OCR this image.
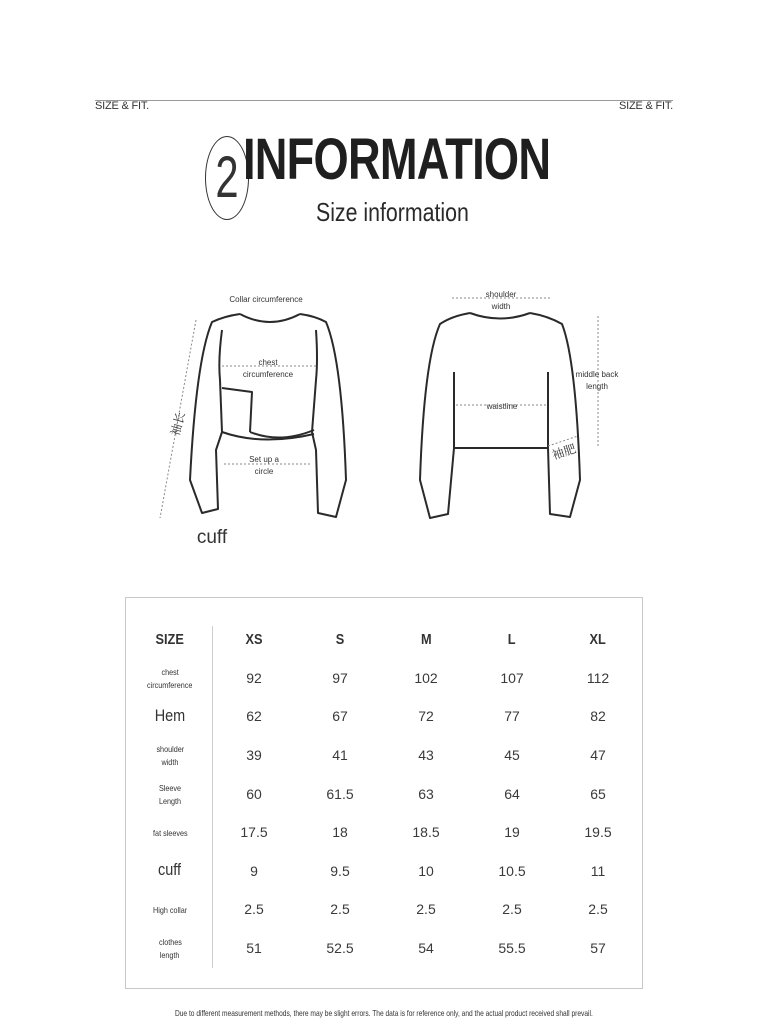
SIZE & FIT.	SIZE & FIT.
2 INFORMATION
Size information
Collar circumference
chest
circumference
袖长
Set up a
circle
cuff
shoulder
width
middle back
length
waistline
袖肥
SIZE	XS	S	M	L	XL
chest
circumference	92	97	102	107	112
Hem	62	67	72	77	82
shoulder
width	39	41	43	45	47
Sleeve
Length	60	61.5	63	64	65
fat sleeves	17.5	18	18.5	19	19.5
cuff	9	9.5	10	10.5	11
High collar	2.5	2.5	2.5	2.5	2.5
clothes
length	51	52.5	54	55.5	57
Due to different measurement methods, there may be slight errors. The data is for reference only, and the actual product received shall prevail.
